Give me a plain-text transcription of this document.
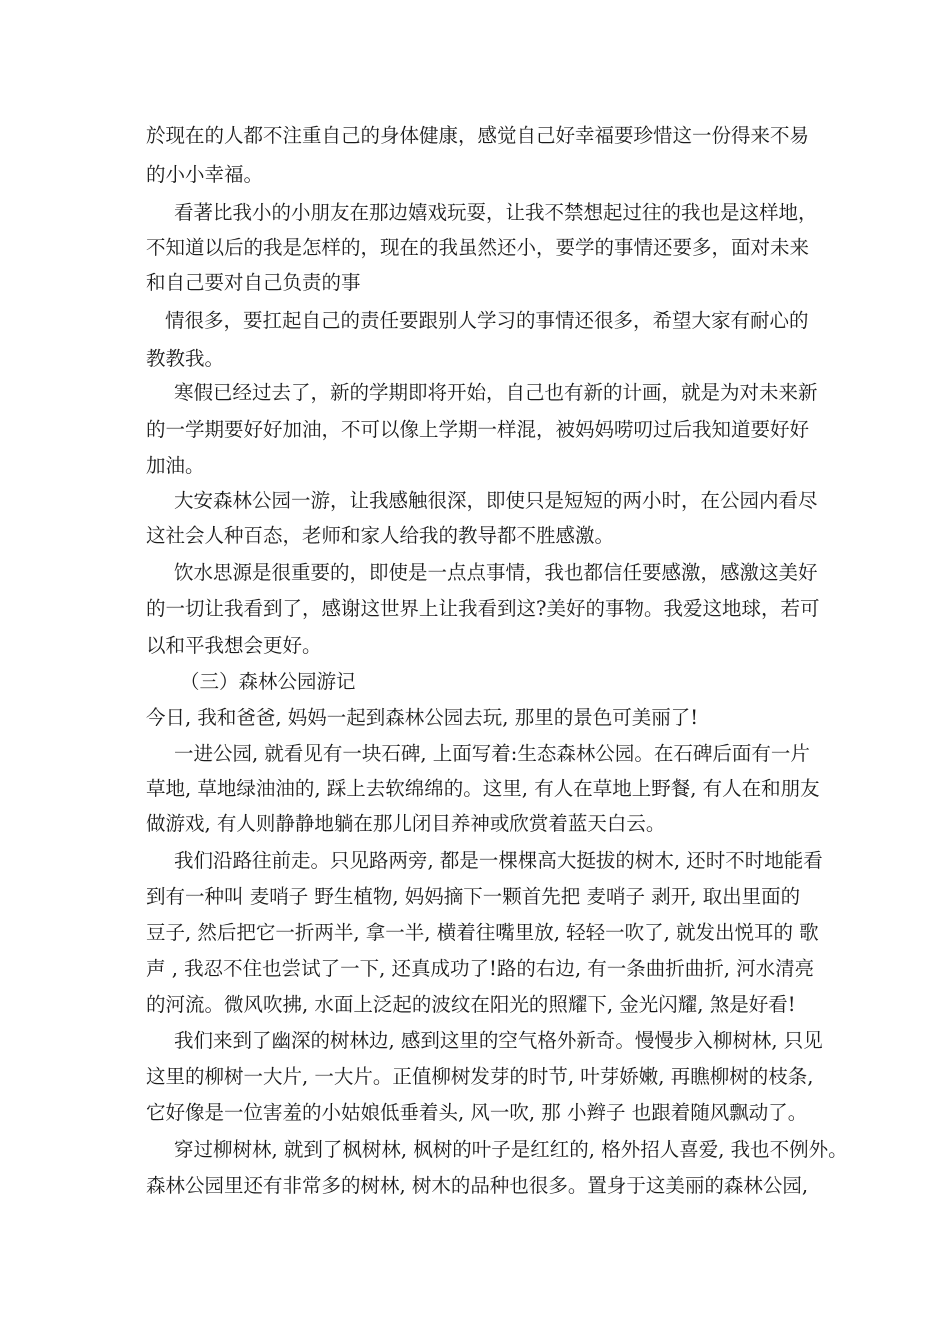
於现在的人都不注重自己的身体健康，感觉自己好幸福要珍惜这一份得来不易
的小小幸福。
看著比我小的小朋友在那边嬉戏玩耍，让我不禁想起过往的我也是这样地，
不知道以后的我是怎样的，现在的我虽然还小，要学的事情还要多，面对未来
和自己要对自己负责的事
情很多，要扛起自己的责任要跟别人学习的事情还很多，希望大家有耐心的
教教我。
寒假已经过去了，新的学期即将开始，自己也有新的计画，就是为对未来新
的一学期要好好加油，不可以像上学期一样混，被妈妈唠叨过后我知道要好好
加油。
大安森林公园一游，让我感触很深，即使只是短短的两小时，在公园内看尽
这社会人种百态，老师和家人给我的教导都不胜感激。
饮水思源是很重要的，即使是一点点事情，我也都信任要感激，感激这美好
的一切让我看到了，感谢这世界上让我看到这?美好的事物。我爱这地球，若可
以和平我想会更好。
（三）森林公园游记
今日, 我和爸爸, 妈妈一起到森林公园去玩, 那里的景色可美丽了!
一进公园, 就看见有一块石碑, 上面写着:生态森林公园。在石碑后面有一片
草地, 草地绿油油的, 踩上去软绵绵的。这里, 有人在草地上野餐, 有人在和朋友
做游戏, 有人则静静地躺在那儿闭目养神或欣赏着蓝天白云。
我们沿路往前走。只见路两旁, 都是一棵棵高大挺拔的树木, 还时不时地能看
到有一种叫 麦哨子 野生植物, 妈妈摘下一颗首先把 麦哨子 剥开, 取出里面的
豆子, 然后把它一折两半, 拿一半, 横着往嘴里放, 轻轻一吹了, 就发出悦耳的 歌
声 , 我忍不住也尝试了一下, 还真成功了!路的右边, 有一条曲折曲折, 河水清亮
的河流。微风吹拂, 水面上泛起的波纹在阳光的照耀下, 金光闪耀, 煞是好看!
我们来到了幽深的树林边, 感到这里的空气格外新奇。慢慢步入柳树林, 只见
这里的柳树一大片, 一大片。正值柳树发芽的时节, 叶芽娇嫩, 再瞧柳树的枝条,
它好像是一位害羞的小姑娘低垂着头, 风一吹, 那 小辫子 也跟着随风飘动了。
穿过柳树林, 就到了枫树林, 枫树的叶子是红红的, 格外招人喜爱, 我也不例外。
森林公园里还有非常多的树林, 树木的品种也很多。置身于这美丽的森林公园,
